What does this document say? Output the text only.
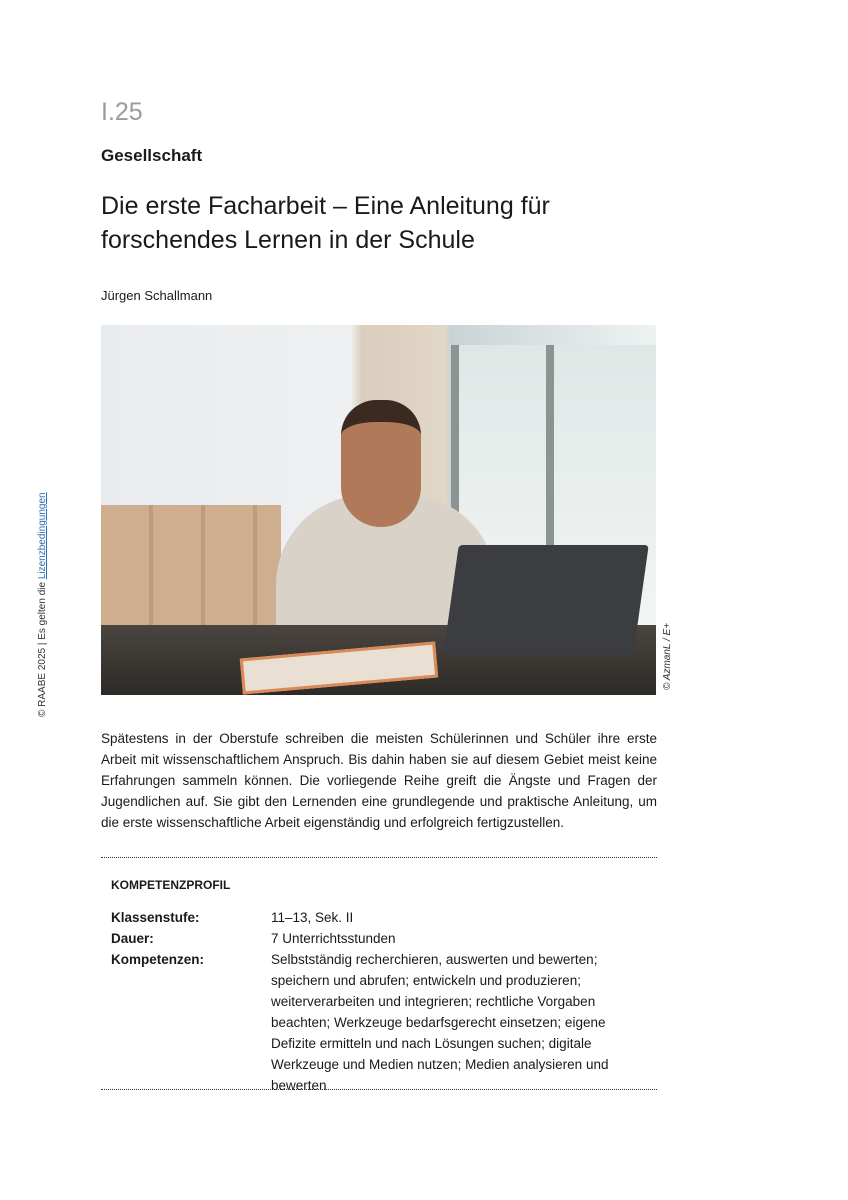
I.25
Gesellschaft
Die erste Facharbeit – Eine Anleitung für forschendes Lernen in der Schule
Jürgen Schallmann
© AzmanL / E+
© RAABE 2025 | Es gelten die Lizenzbedingungen
Spätestens in der Oberstufe schreiben die meisten Schülerinnen und Schüler ihre erste Arbeit mit wissenschaftlichem Anspruch. Bis dahin haben sie auf diesem Gebiet meist keine Erfahrungen sammeln können. Die vorliegende Reihe greift die Ängste und Fragen der Jugendlichen auf. Sie gibt den Lernenden eine grundlegende und praktische Anleitung, um die erste wissenschaftliche Arbeit eigenständig und erfolgreich fertigzustellen.
KOMPETENZPROFIL
Klassenstufe:	11–13, Sek. II
Dauer:	7 Unterrichtsstunden
Kompetenzen:	Selbstständig recherchieren, auswerten und bewerten; speichern und abrufen; entwickeln und produzieren; weiterverarbeiten und integrieren; rechtliche Vorgaben beachten; Werkzeuge bedarfsgerecht einsetzen; eigene Defizite ermitteln und nach Lösungen suchen; digitale Werkzeuge und Medien nutzen; Medien analysieren und bewerten
